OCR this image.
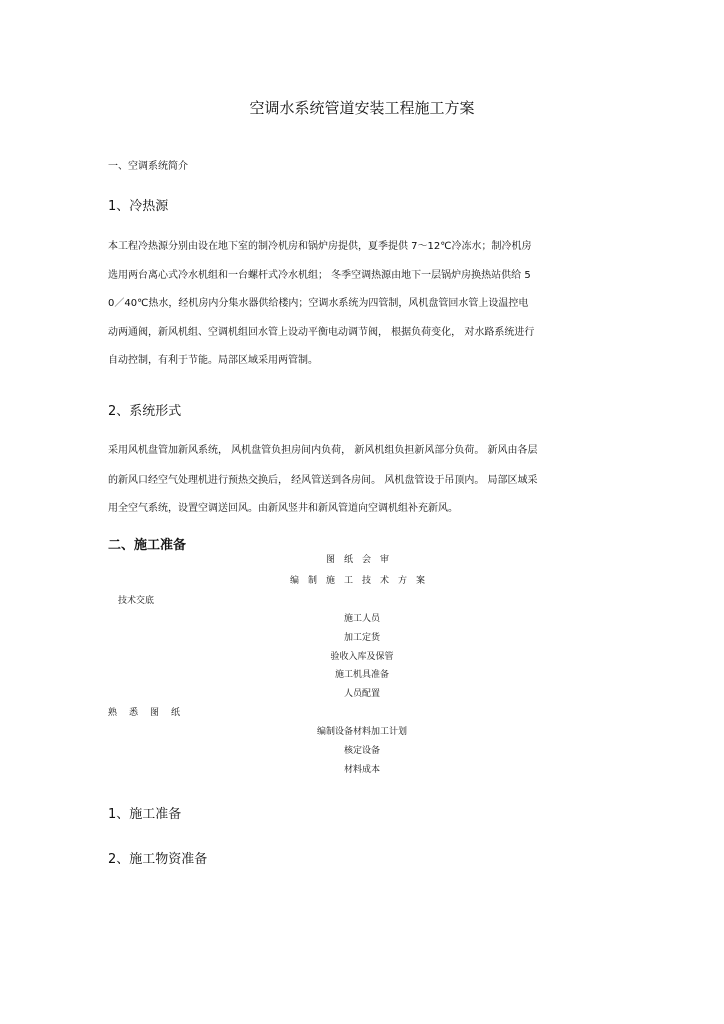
空调水系统管道安装工程施工方案
一、空调系统简介
1、冷热源
本工程冷热源分别由设在地下室的制冷机房和锅炉房提供，夏季提供 7～12℃冷冻水；制冷机房
选用两台离心式冷水机组和一台螺杆式冷水机组； 冬季空调热源由地下一层锅炉房换热站供给 5
0／40℃热水，经机房内分集水器供给楼内；空调水系统为四管制，风机盘管回水管上设温控电
动两通阀，新风机组、空调机组回水管上设动平衡电动调节阀， 根据负荷变化， 对水路系统进行
自动控制，有利于节能。局部区域采用两管制。
2、系统形式
采用风机盘管加新风系统， 风机盘管负担房间内负荷， 新风机组负担新风部分负荷。 新风由各层
的新风口经空气处理机进行预热交换后， 经风管送到各房间。 风机盘管设于吊顶内。 局部区域采
用全空气系统，设置空调送回风。由新风竖井和新风管道向空调机组补充新风。
二、施工准备
图纸会审
编制施工技术方案
技术交底
施工人员
加工定货
验收入库及保管
施工机具准备
人员配置
熟悉图纸
编制设备材料加工计划
核定设备
材料成本
1、施工准备
2、施工物资准备
